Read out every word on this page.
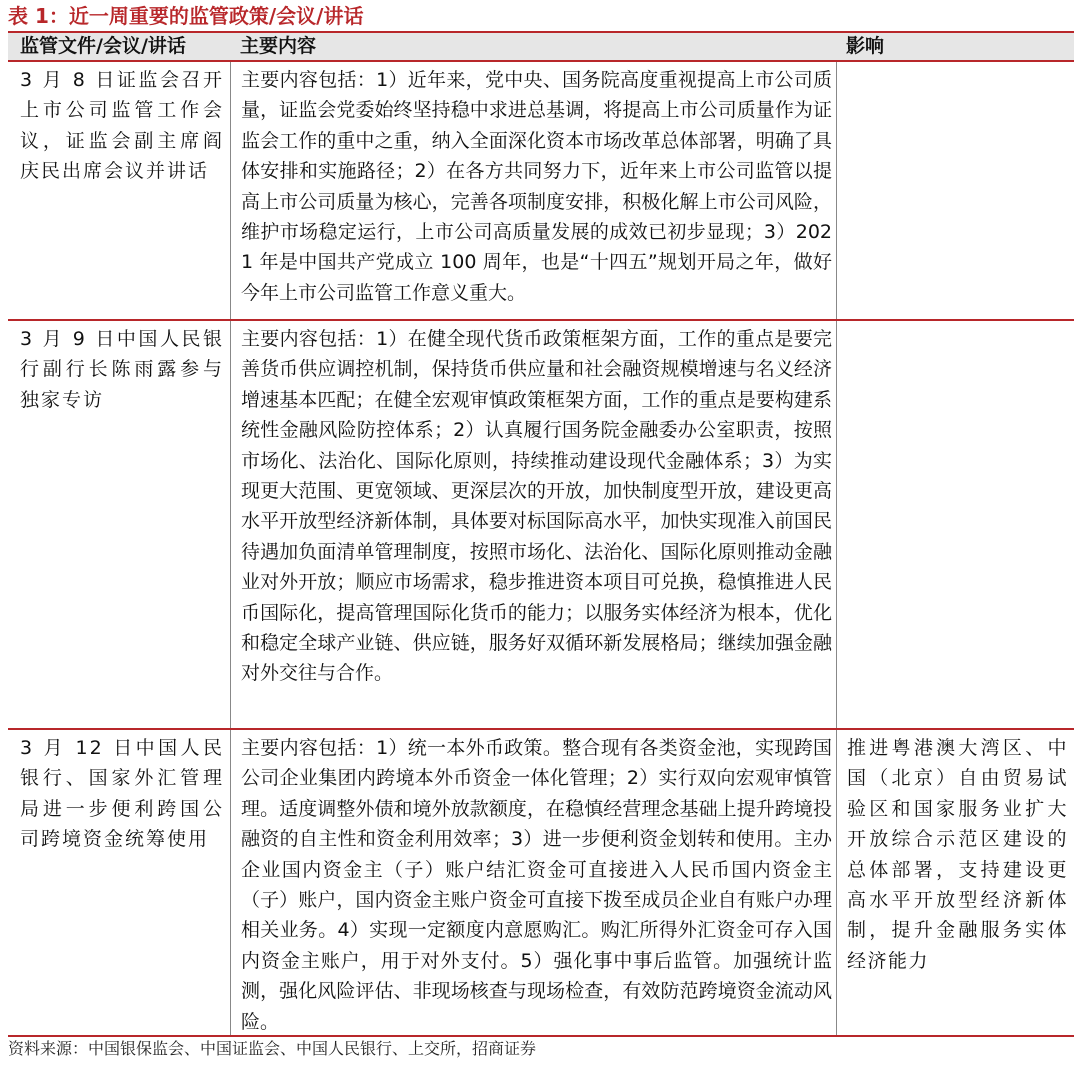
表 1：近一周重要的监管政策/会议/讲话
监管文件/会议/讲话	主要内容	影响

3 月 8 日证监会召开上市公司监管工作会议，证监会副主席阎庆民出席会议并讲话

主要内容包括：1）近年来，党中央、国务院高度重视提高上市公司质量，证监会党委始终坚持稳中求进总基调，将提高上市公司质量作为证监会工作的重中之重，纳入全面深化资本市场改革总体部署，明确了具体安排和实施路径；2）在各方共同努力下，近年来上市公司监管以提高上市公司质量为核心，完善各项制度安排，积极化解上市公司风险，维护市场稳定运行，上市公司高质量发展的成效已初步显现；3）2021 年是中国共产党成立 100 周年，也是“十四五”规划开局之年，做好今年上市公司监管工作意义重大。

3 月 9 日中国人民银行副行长陈雨露参与独家专访

主要内容包括：1）在健全现代货币政策框架方面，工作的重点是要完善货币供应调控机制，保持货币供应量和社会融资规模增速与名义经济增速基本匹配；在健全宏观审慎政策框架方面，工作的重点是要构建系统性金融风险防控体系；2）认真履行国务院金融委办公室职责，按照市场化、法治化、国际化原则，持续推动建设现代金融体系；3）为实现更大范围、更宽领域、更深层次的开放，加快制度型开放，建设更高水平开放型经济新体制，具体要对标国际高水平，加快实现准入前国民待遇加负面清单管理制度，按照市场化、法治化、国际化原则推动金融业对外开放；顺应市场需求，稳步推进资本项目可兑换，稳慎推进人民币国际化，提高管理国际化货币的能力；以服务实体经济为根本，优化和稳定全球产业链、供应链，服务好双循环新发展格局；继续加强金融对外交往与合作。

3 月 12 日中国人民银行、国家外汇管理局进一步便利跨国公司跨境资金统筹使用

主要内容包括：1）统一本外币政策。整合现有各类资金池，实现跨国公司企业集团内跨境本外币资金一体化管理；2）实行双向宏观审慎管理。适度调整外债和境外放款额度，在稳慎经营理念基础上提升跨境投融资的自主性和资金利用效率；3）进一步便利资金划转和使用。主办企业国内资金主（子）账户结汇资金可直接进入人民币国内资金主（子）账户，国内资金主账户资金可直接下拨至成员企业自有账户办理相关业务。4）实现一定额度内意愿购汇。购汇所得外汇资金可存入国内资金主账户，用于对外支付。5）强化事中事后监管。加强统计监测，强化风险评估、非现场核查与现场检查，有效防范跨境资金流动风险。

推进粤港澳大湾区、中国（北京）自由贸易试验区和国家服务业扩大开放综合示范区建设的总体部署，支持建设更高水平开放型经济新体制，提升金融服务实体经济能力

资料来源：中国银保监会、中国证监会、中国人民银行、上交所，招商证券
